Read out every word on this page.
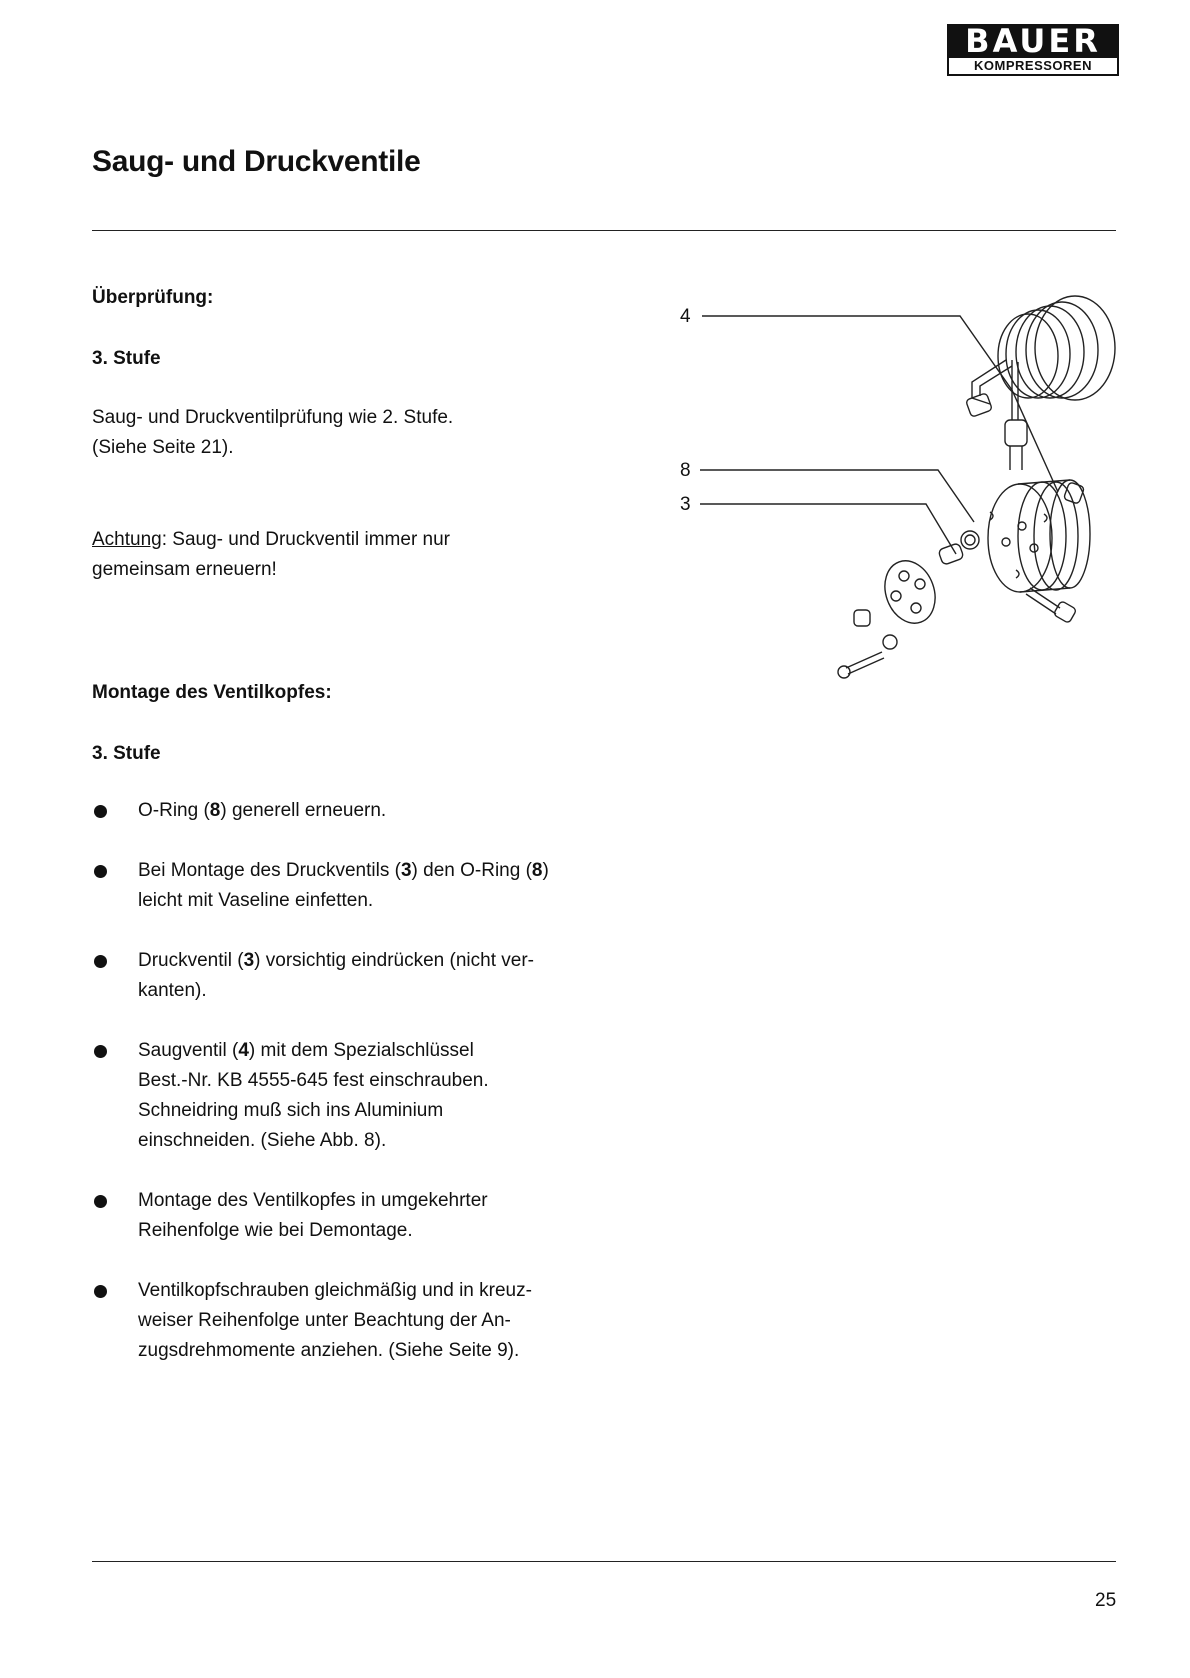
BAUER
KOMPRESSOREN
Saug- und Druckventile

Überprüfung:

3. Stufe

Saug- und Druckventilprüfung wie 2. Stufe.
(Siehe Seite 21).

Achtung: Saug- und Druckventil immer nur
gemeinsam erneuern!

4
8
3

Montage des Ventilkopfes:

3. Stufe

O-Ring (8) generell erneuern.
Bei Montage des Druckventils (3) den O-Ring (8)
leicht mit Vaseline einfetten.
Druckventil (3) vorsichtig eindrücken (nicht ver-
kanten).
Saugventil (4) mit dem Spezialschlüssel
Best.-Nr. KB 4555-645 fest einschrauben.
Schneidring muß sich ins Aluminium
einschneiden. (Siehe Abb. 8).
Montage des Ventilkopfes in umgekehrter
Reihenfolge wie bei Demontage.
Ventilkopfschrauben gleichmäßig und in kreuz-
weiser Reihenfolge unter Beachtung der An-
zugsdrehmomente anziehen. (Siehe Seite 9).

25
